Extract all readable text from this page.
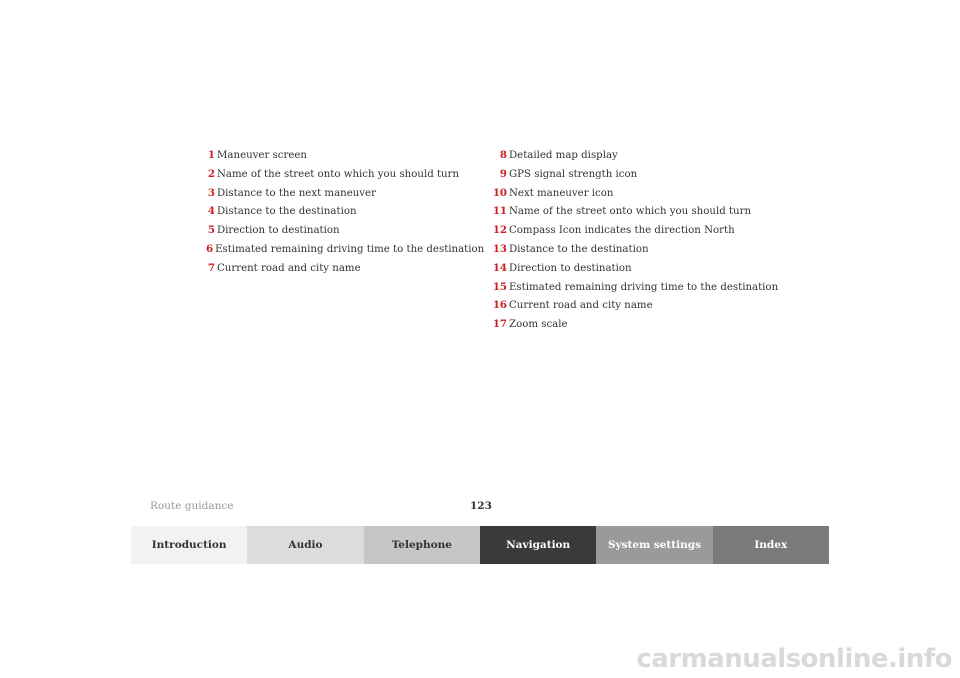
1 Maneuver screen
2 Name of the street onto which you should turn
3 Distance to the next maneuver
4 Distance to the destination
5 Direction to destination
6 Estimated remaining driving time to the destination
7 Current road and city name
8 Detailed map display
9 GPS signal strength icon
10 Next maneuver icon
11 Name of the street onto which you should turn
12 Compass Icon indicates the direction North
13 Distance to the destination
14 Direction to destination
15 Estimated remaining driving time to the destination
16 Current road and city name
17 Zoom scale
Route guidance	123
Introduction	Audio	Telephone	Navigation	System settings	Index
carmanualsonline.info
